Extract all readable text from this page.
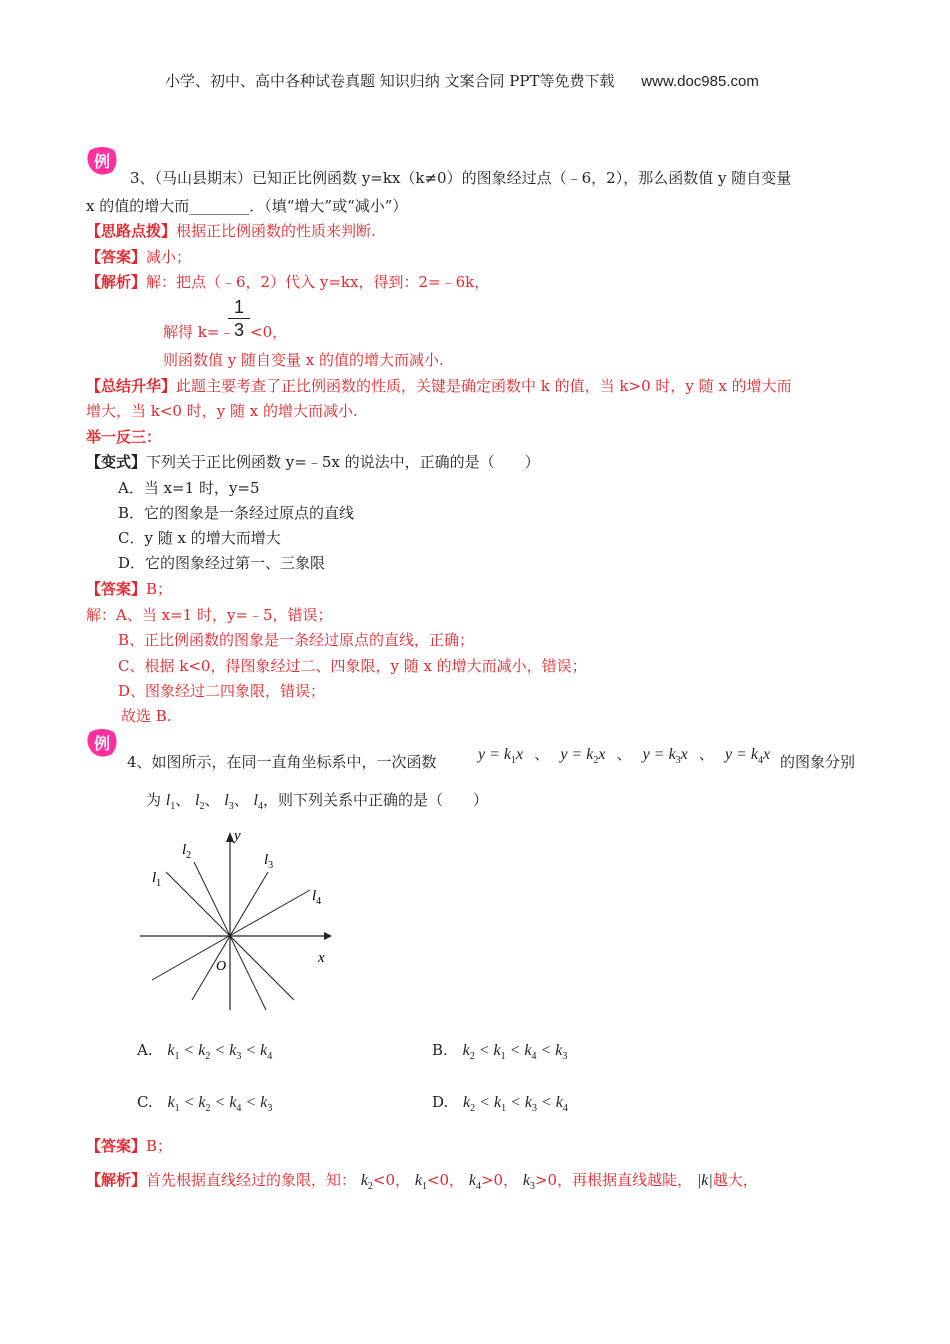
小学、初中、高中各种试卷真题 知识归纳 文案合同 PPT等免费下载 www.doc985.com
例
3、（马山县期末）已知正比例函数 y=kx（k≠0）的图象经过点（﹣6，2），那么函数值 y 随自变量
x 的值的增大而________．（填“增大”或“减小”）
【思路点拨】根据正比例函数的性质来判断.
【答案】减小；
【解析】解：把点（﹣6，2）代入 y=kx，得到：2=﹣6k，
解得 k=﹣
1
3 <0，
则函数值 y 随自变量 x 的值的增大而减小.
【总结升华】此题主要考查了正比例函数的性质，关键是确定函数中 k 的值，当 k>0 时，y 随 x 的增大而
增大，当 k<0 时，y 随 x 的增大而减小.
举一反三：
【变式】下列关于正比例函数 y=﹣5x 的说法中，正确的是（　　）
A．当 x=1 时，y=5
B．它的图象是一条经过原点的直线
C．y 随 x 的增大而增大
D．它的图象经过第一、三象限
【答案】B；
解：A、当 x=1 时，y=﹣5，错误；
B、正比例函数的图象是一条经过原点的直线，正确；
C、根据 k<0，得图象经过二、四象限，y 随 x 的增大而减小，错误；
D、图象经过二四象限，错误；
故选 B.
例
4、如图所示，在同一直角坐标系中，一次函数	$y = k_1x$ 、 $y = k_2x$ 、 $y = k_3x$ 、 $y = k_4x$ 的图象分别
为 $l_1$、 $l_2$、 $l_3$、 $l_4$，则下列关系中正确的是（　　）
$l_1$
$l_2$	$l_3$
$l_4$
y
x
O
A. $k_1 < k_2 < k_3 < k_4$	B. $k_2 < k_1 < k_4 < k_3$
C. $k_1 < k_2 < k_4 < k_3$	D. $k_2 < k_1 < k_3 < k_4$
【答案】B；
【解析】首先根据直线经过的象限，知： $k_2<0$， $k_1<0$， $k_4>0$， $k_3>0$，再根据直线越陡， |k|越大，
